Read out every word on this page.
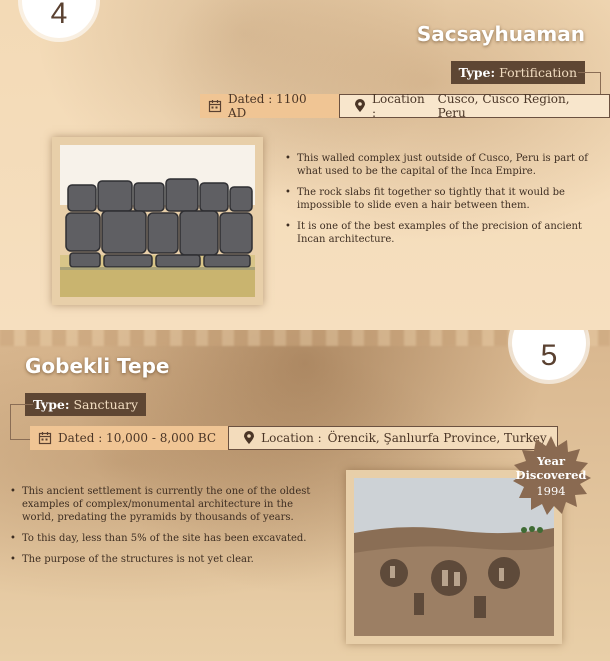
4
Sacsayhuaman
Type: Fortification
Dated : 1100 AD
Location :
Cusco, Cusco Region, Peru
• This walled complex just outside of Cusco, Peru is part of what used to be the capital of the Inca Empire.
• The rock slabs fit together so tightly that it would be impossible to slide even a hair between them.
• It is one of the best examples of the precision of ancient Incan architecture.
5
Gobekli Tepe
Type: Sanctuary
Dated : 10,000 - 8,000 BC	Location : Örencik, Şanlıurfa Province, Turkey
• This ancient settlement is currently the one of the oldest examples of complex/monumental architecture in the world, predating the pyramids by thousands of years.
• To this day, less than 5% of the site has been excavated.
• The purpose of the structures is not yet clear.
Year
Discovered
1994
